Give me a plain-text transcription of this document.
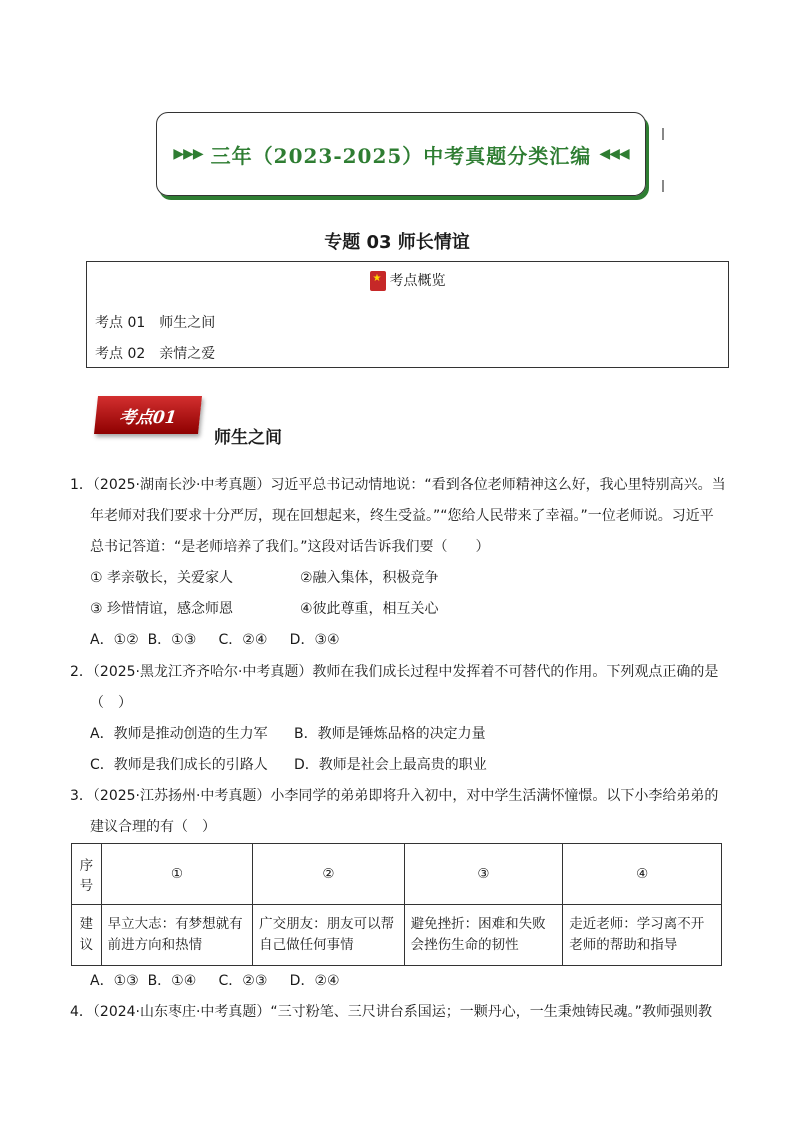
▶▶▶ 三年（2023-2025）中考真题分类汇编 ◀◀◀
专题 03 师长情谊
★考点概览
考点 01 师生之间
考点 02 亲情之爱
考点01
师生之间

1．（2025·湖南长沙·中考真题）习近平总书记动情地说：“看到各位老师精神这么好，我心里特别高兴。当

年老师对我们要求十分严厉，现在回想起来，终生受益。”“您给人民带来了幸福。”一位老师说。习近平

总书记答道：“是老师培养了我们。”这段对话告诉我们要（　　）

① 孝亲敬长，关爱家人	②融入集体，积极竞争

③ 珍惜情谊，感念师恩	④彼此尊重，相互关心

A．①②  B．①③     C．②④     D．③④

2．（2025·黑龙江齐齐哈尔·中考真题）教师在我们成长过程中发挥着不可替代的作用。下列观点正确的是

（　）

A．教师是推动创造的生力军 B．教师是锤炼品格的决定力量

C．教师是我们成长的引路人 D．教师是社会上最高贵的职业

3．（2025·江苏扬州·中考真题）小李同学的弟弟即将升入初中，对中学生活满怀憧憬。以下小李给弟弟的

建议合理的有（　）

序号	①	②	③	④
建议	早立大志：有梦想就有前进方向和热情	广交朋友：朋友可以帮自己做任何事情	避免挫折：困难和失败会挫伤生命的韧性	走近老师：学习离不开老师的帮助和指导

A．①③  B．①④     C．②③     D．②④

4．（2024·山东枣庄·中考真题）“三寸粉笔、三尺讲台系国运；一颗丹心，一生秉烛铸民魂。”教师强则教
